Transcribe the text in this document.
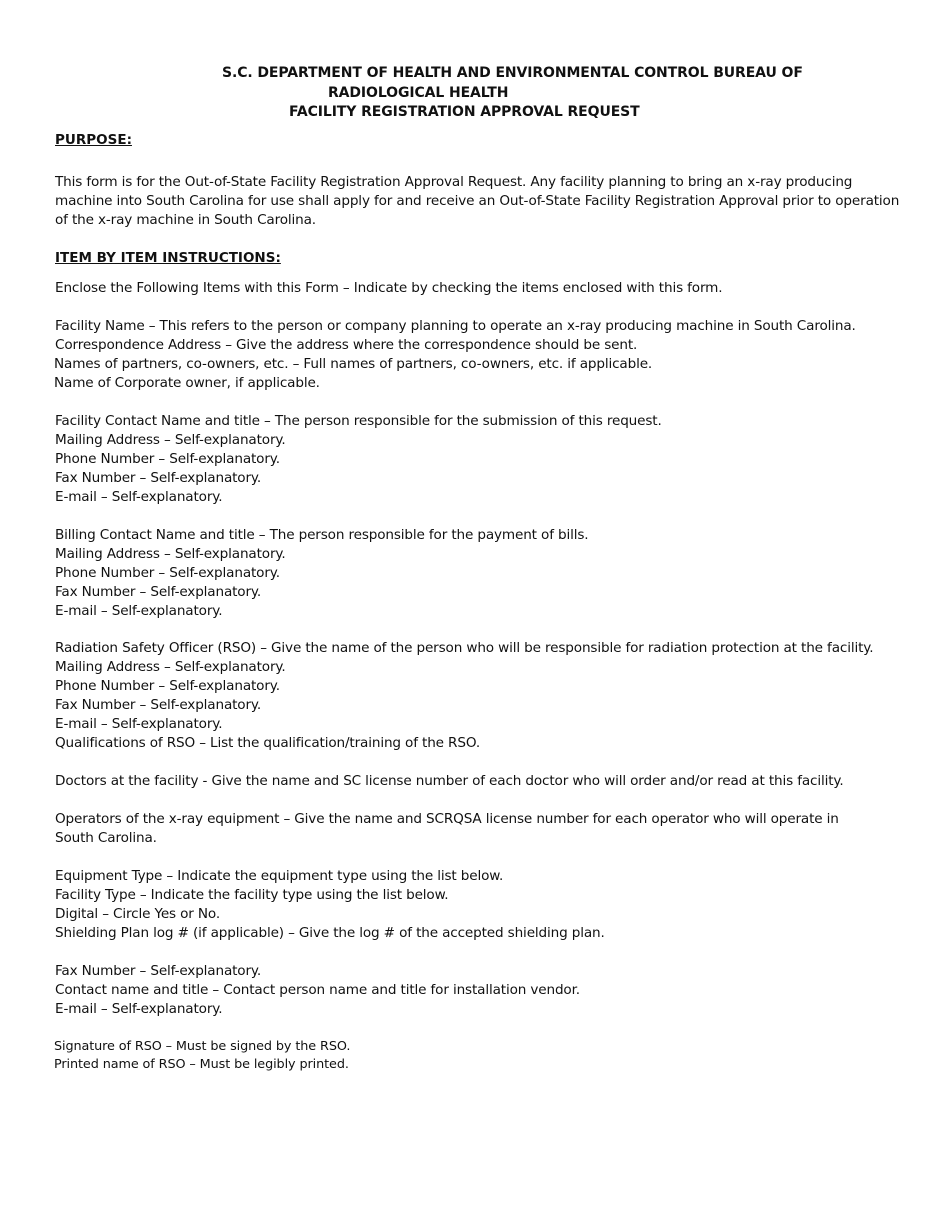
S.C. DEPARTMENT OF HEALTH AND ENVIRONMENTAL CONTROL BUREAU OF
RADIOLOGICAL HEALTH
FACILITY REGISTRATION APPROVAL REQUEST
PURPOSE:
This form is for the Out-of-State Facility Registration Approval Request. Any facility planning to bring an x-ray producing machine into South Carolina for use shall apply for and receive an Out-of-State Facility Registration Approval prior to operation of the x-ray machine in South Carolina.
ITEM BY ITEM INSTRUCTIONS:
Enclose the Following Items with this Form – Indicate by checking the items enclosed with this form.
Facility Name – This refers to the person or company planning to operate an x-ray producing machine in South Carolina.
Correspondence Address – Give the address where the correspondence should be sent.
Names of partners, co-owners, etc. – Full names of partners, co-owners, etc. if applicable.
Name of Corporate owner, if applicable.
Facility Contact Name and title – The person responsible for the submission of this request.
Mailing Address – Self-explanatory.
Phone Number – Self-explanatory.
Fax Number – Self-explanatory.
E-mail – Self-explanatory.
Billing Contact Name and title – The person responsible for the payment of bills.
Mailing Address – Self-explanatory.
Phone Number – Self-explanatory.
Fax Number – Self-explanatory.
E-mail – Self-explanatory.
Radiation Safety Officer (RSO) – Give the name of the person who will be responsible for radiation protection at the facility.
Mailing Address – Self-explanatory.
Phone Number – Self-explanatory.
Fax Number – Self-explanatory.
E-mail – Self-explanatory.
Qualifications of RSO – List the qualification/training of the RSO.
Doctors at the facility - Give the name and SC license number of each doctor who will order and/or read at this facility.
Operators of the x-ray equipment – Give the name and SCRQSA license number for each operator who will operate in South Carolina.
Equipment Type – Indicate the equipment type using the list below.
Facility Type – Indicate the facility type using the list below.
Digital – Circle Yes or No.
Shielding Plan log # (if applicable) – Give the log # of the accepted shielding plan.
Fax Number – Self-explanatory.
Contact name and title – Contact person name and title for installation vendor.
E-mail – Self-explanatory.
Signature of RSO – Must be signed by the RSO.
Printed name of RSO – Must be legibly printed.
